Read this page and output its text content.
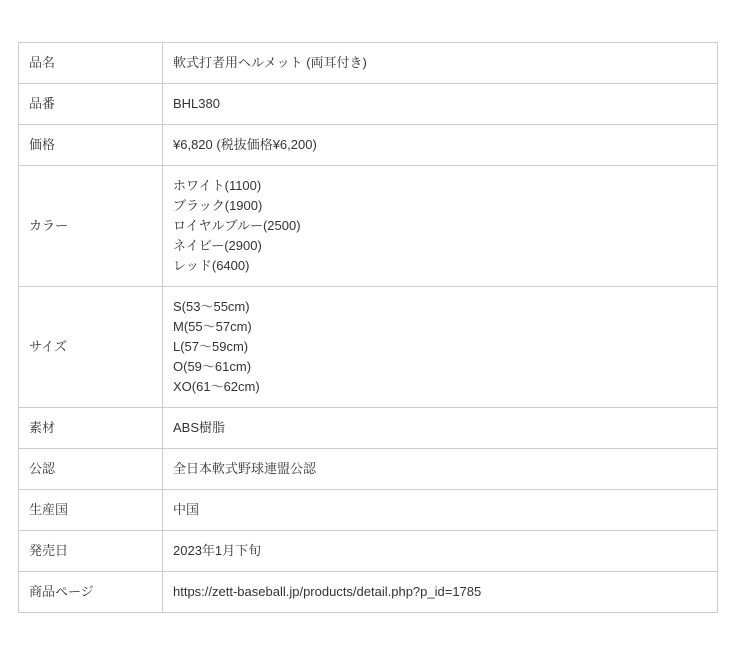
品名	軟式打者用ヘルメット (両耳付き)

品番	BHL380

価格	¥6,820 (税抜価格¥6,200)

カラー	ホワイト(1100)
ブラック(1900)
ロイヤルブルー(2500)
ネイビー(2900)
レッド(6400)

サイズ	S(53～55cm)
M(55～57cm)
L(57～59cm)
O(59～61cm)
XO(61～62cm)

素材	ABS樹脂

公認	全日本軟式野球連盟公認

生産国	中国

発売日	2023年1月下旬

商品ページ	https://zett-baseball.jp/products/detail.php?p_id=1785
